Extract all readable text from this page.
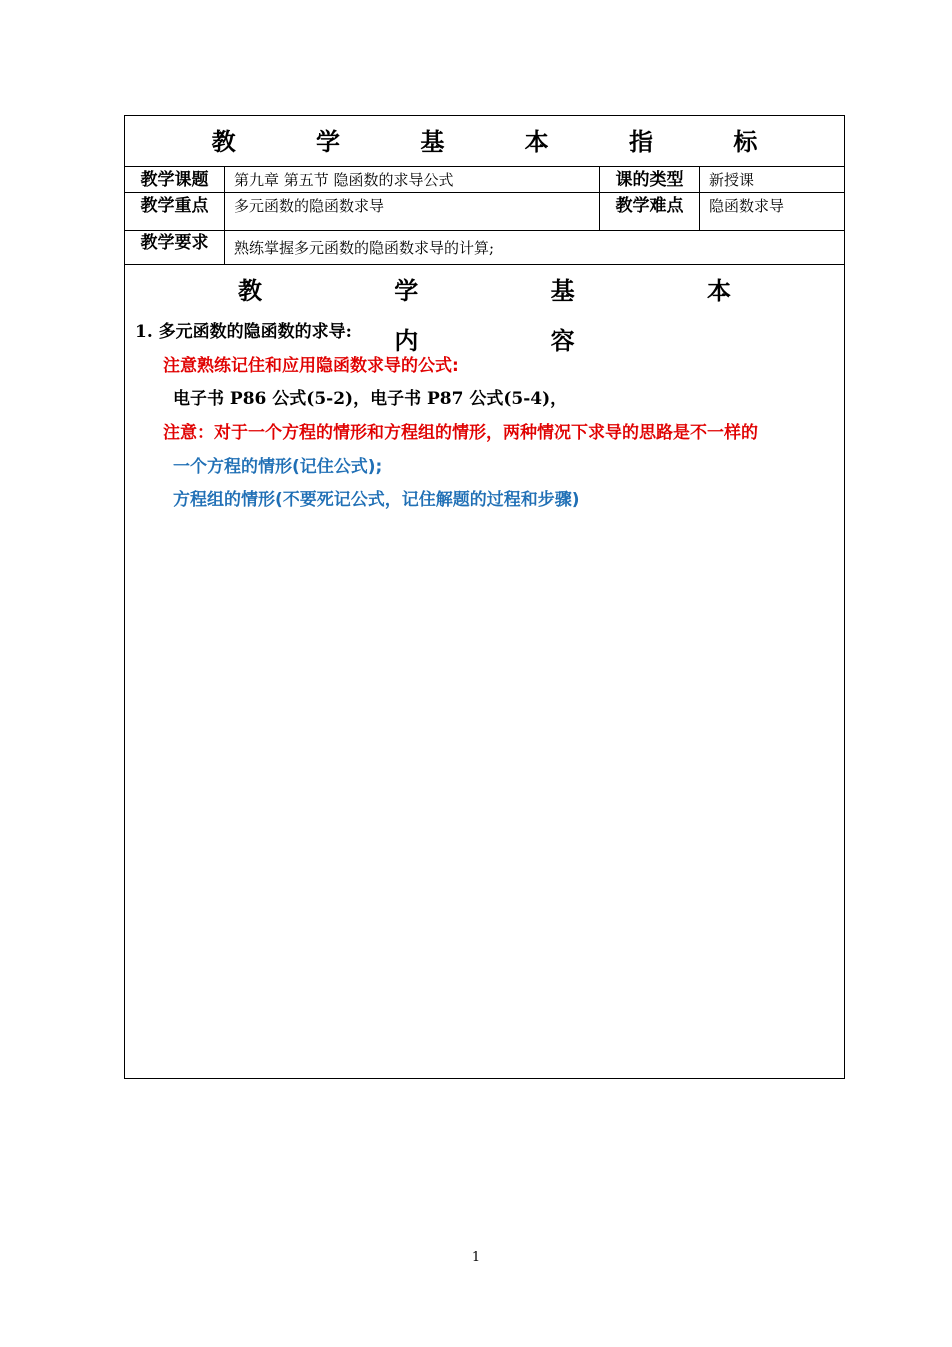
教 学 基 本 指 标
教学课题	第九章 第五节 隐函数的求导公式	课的类型	新授课
教学重点	多元函数的隐函数求导	教学难点	隐函数求导
教学要求	熟练掌握多元函数的隐函数求导的计算;
教 学 基 本 内 容
1. 多元函数的隐函数的求导:
注意熟练记住和应用隐函数求导的公式:
电子书 P86 公式(5-2)，电子书 P87 公式(5-4)，
注意：对于一个方程的情形和方程组的情形，两种情况下求导的思路是不一样的
一个方程的情形(记住公式);
方程组的情形(不要死记公式，记住解题的过程和步骤)
1
